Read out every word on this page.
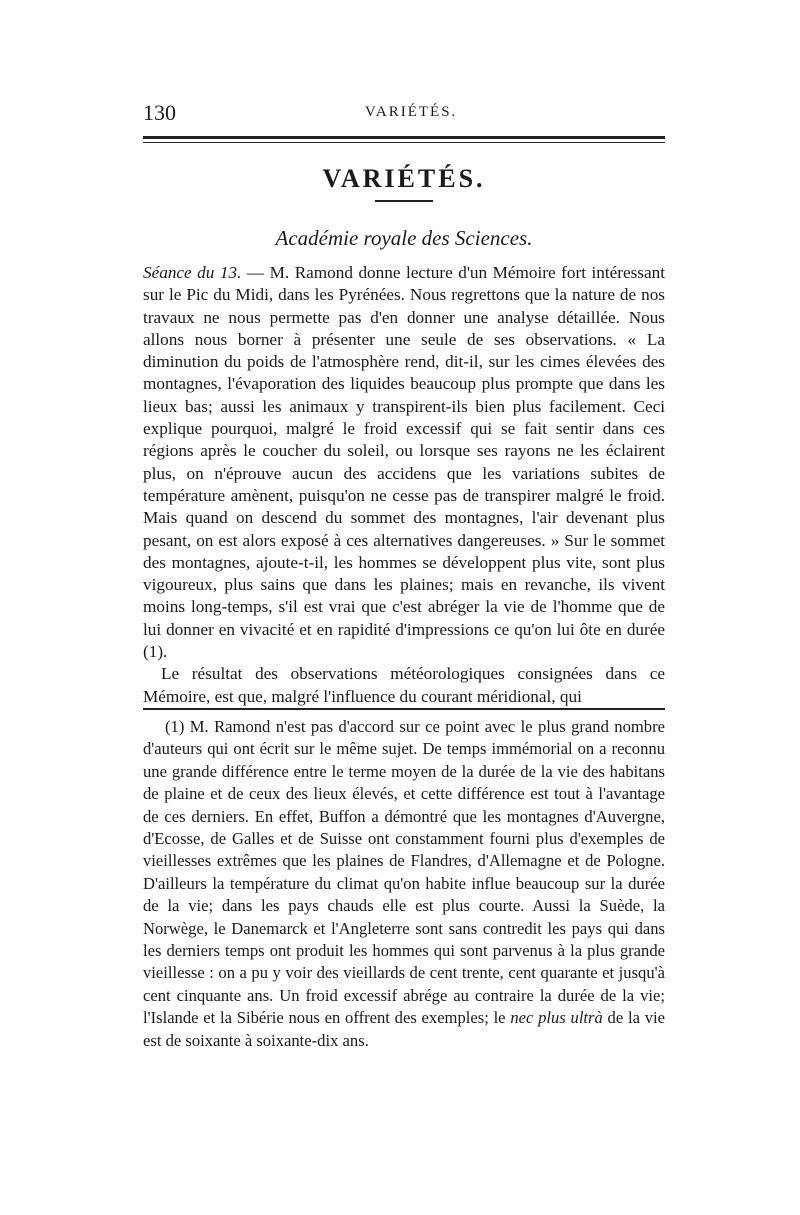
130	VARIÉTÉS.
VARIÉTÉS.
Académie royale des Sciences.

Séance du 13. — M. Ramond donne lecture d'un Mémoire fort intéressant sur le Pic du Midi, dans les Pyrénées. Nous regrettons que la nature de nos travaux ne nous permette pas d'en donner une analyse détaillée. Nous allons nous borner à présenter une seule de ses observations. « La diminution du poids de l'atmosphère rend, dit-il, sur les cimes élevées des montagnes, l'évaporation des liquides beaucoup plus prompte que dans les lieux bas; aussi les animaux y transpirent-ils bien plus facilement. Ceci explique pourquoi, malgré le froid excessif qui se fait sentir dans ces régions après le coucher du soleil, ou lorsque ses rayons ne les éclairent plus, on n'éprouve aucun des accidens que les variations subites de température amènent, puisqu'on ne cesse pas de transpirer malgré le froid. Mais quand on descend du sommet des montagnes, l'air devenant plus pesant, on est alors exposé à ces alternatives dangereuses. » Sur le sommet des montagnes, ajoute-t-il, les hommes se développent plus vite, sont plus vigoureux, plus sains que dans les plaines; mais en revanche, ils vivent moins long-temps, s'il est vrai que c'est abréger la vie de l'homme que de lui donner en vivacité et en rapidité d'impressions ce qu'on lui ôte en durée (1).

Le résultat des observations météorologiques consignées dans ce Mémoire, est que, malgré l'influence du courant méridional, qui

(1) M. Ramond n'est pas d'accord sur ce point avec le plus grand nombre d'auteurs qui ont écrit sur le même sujet. De temps immémorial on a reconnu une grande différence entre le terme moyen de la durée de la vie des habitans de plaine et de ceux des lieux élevés, et cette différence est tout à l'avantage de ces derniers. En effet, Buffon a démontré que les montagnes d'Auvergne, d'Ecosse, de Galles et de Suisse ont constamment fourni plus d'exemples de vieillesses extrêmes que les plaines de Flandres, d'Allemagne et de Pologne. D'ailleurs la température du climat qu'on habite influe beaucoup sur la durée de la vie; dans les pays chauds elle est plus courte. Aussi la Suède, la Norwège, le Danemarck et l'Angleterre sont sans contredit les pays qui dans les derniers temps ont produit les hommes qui sont parvenus à la plus grande vieillesse : on a pu y voir des vieillards de cent trente, cent quarante et jusqu'à cent cinquante ans. Un froid excessif abrége au contraire la durée de la vie; l'Islande et la Sibérie nous en offrent des exemples; le nec plus ultrà de la vie est de soixante à soixante-dix ans.
